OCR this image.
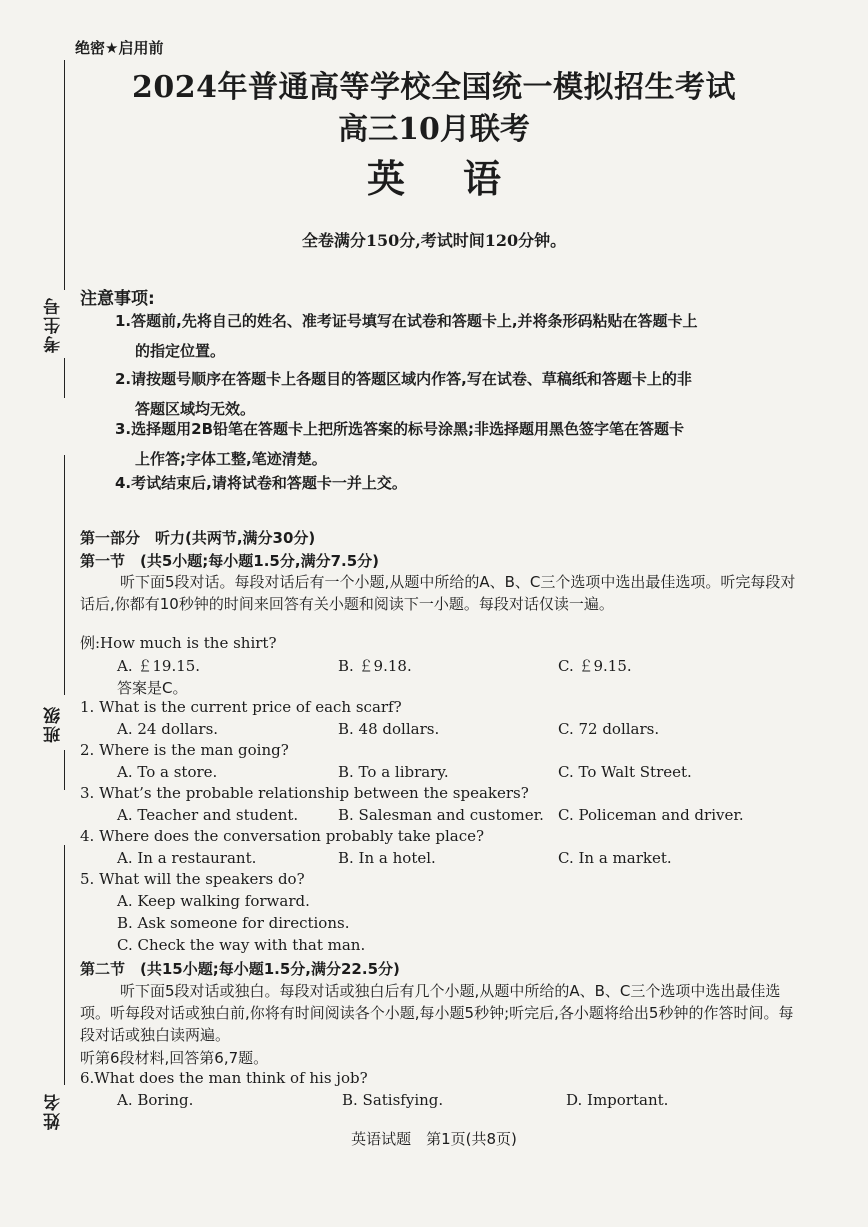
考生号
班级
姓名
绝密★启用前
2024年普通高等学校全国统一模拟招生考试
高三10月联考
英语
全卷满分150分,考试时间120分钟。
注意事项:
1.答题前,先将自己的姓名、准考证号填写在试卷和答题卡上,并将条形码粘贴在答题卡上
的指定位置。
2.请按题号顺序在答题卡上各题目的答题区域内作答,写在试卷、草稿纸和答题卡上的非
答题区域均无效。
3.选择题用2B铅笔在答题卡上把所选答案的标号涂黑;非选择题用黑色签字笔在答题卡
上作答;字体工整,笔迹清楚。
4.考试结束后,请将试卷和答题卡一并上交。
第一部分　听力(共两节,满分30分)
第一节　(共5小题;每小题1.5分,满分7.5分)
听下面5段对话。每段对话后有一个小题,从题中所给的A、B、C三个选项中选出最佳选项。听完每段对话后,你都有10秒钟的时间来回答有关小题和阅读下一小题。每段对话仅读一遍。
例:How much is the shirt?
A. ￡19.15.	B. ￡9.18.	C. ￡9.15.
答案是C。
1. What is the current price of each scarf?
A. 24 dollars.	B. 48 dollars.	C. 72 dollars.
2. Where is the man going?
A. To a store.	B. To a library.	C. To Walt Street.
3. What’s the probable relationship between the speakers?
A. Teacher and student.	B. Salesman and customer. C. Policeman and driver.
4. Where does the conversation probably take place?
A. In a restaurant.	B. In a hotel.	C. In a market.
5. What will the speakers do?
A. Keep walking forward.
B. Ask someone for directions.
C. Check the way with that man.
第二节　(共15小题;每小题1.5分,满分22.5分)
听下面5段对话或独白。每段对话或独白后有几个小题,从题中所给的A、B、C三个选项中选出最佳选项。听每段对话或独白前,你将有时间阅读各个小题,每小题5秒钟;听完后,各小题将给出5秒钟的作答时间。每段对话或独白读两遍。
听第6段材料,回答第6,7题。
6.What does the man think of his job?
A. Boring.	B. Satisfying.	D. Important.
英语试题　第1页(共8页)
